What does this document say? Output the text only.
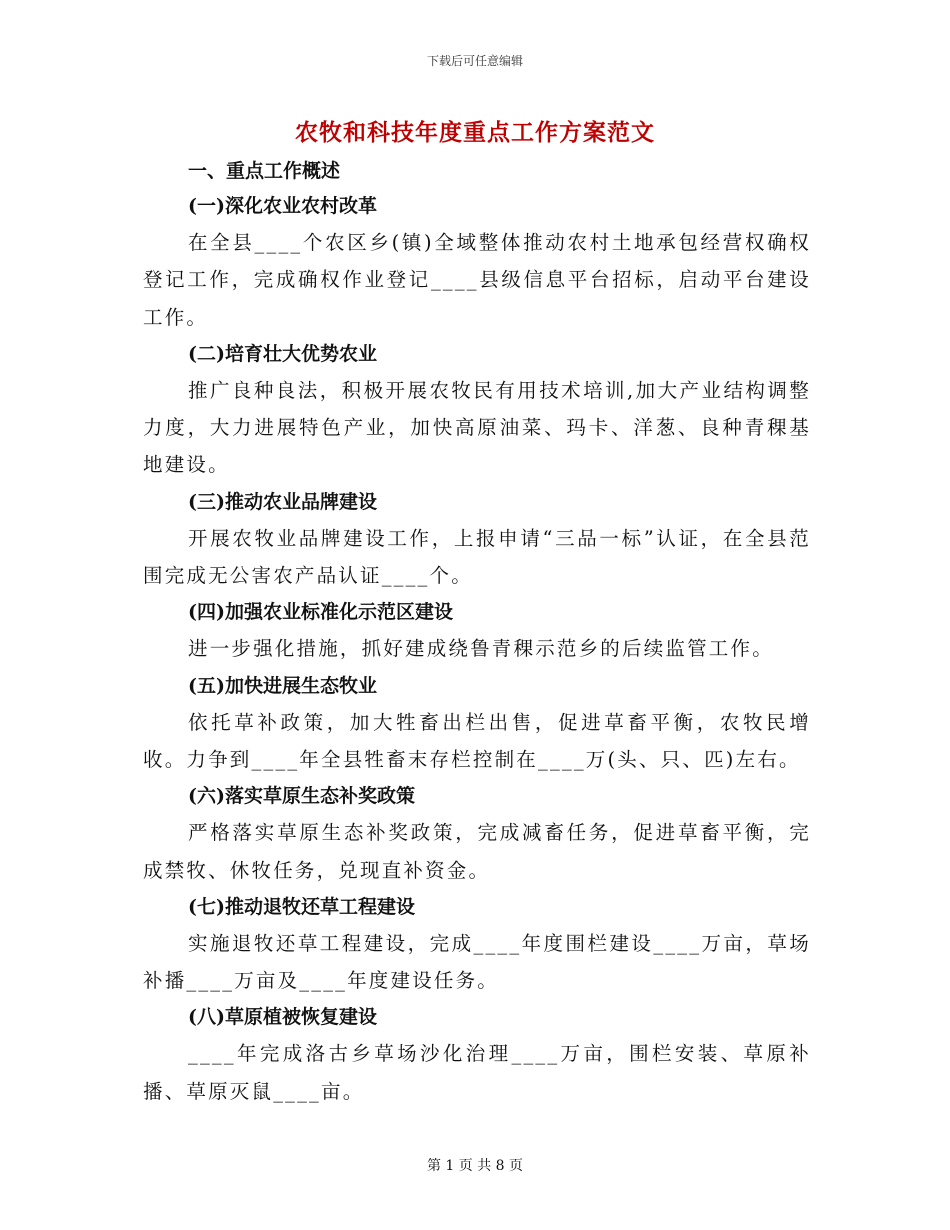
下载后可任意编辑
农牧和科技年度重点工作方案范文
一、重点工作概述
(一)深化农业农村改革

在全县____个农区乡(镇)全域整体推动农村土地承包经营权确权登记工作，完成确权作业登记____县级信息平台招标，启动平台建设工作。

(二)培育壮大优势农业

推广良种良法，积极开展农牧民有用技术培训,加大产业结构调整力度，大力进展特色产业，加快高原油菜、玛卡、洋葱、良种青稞基地建设。

(三)推动农业品牌建设

开展农牧业品牌建设工作，上报申请“三品一标”认证，在全县范围完成无公害农产品认证____个。

(四)加强农业标准化示范区建设

进一步强化措施，抓好建成绕鲁青稞示范乡的后续监管工作。

(五)加快进展生态牧业

依托草补政策，加大牲畜出栏出售，促进草畜平衡，农牧民增收。力争到____年全县牲畜末存栏控制在____万(头、只、匹)左右。

(六)落实草原生态补奖政策

严格落实草原生态补奖政策，完成减畜任务，促进草畜平衡，完成禁牧、休牧任务，兑现直补资金。

(七)推动退牧还草工程建设

实施退牧还草工程建设，完成____年度围栏建设____万亩，草场补播____万亩及____年度建设任务。

(八)草原植被恢复建设

____年完成洛古乡草场沙化治理____万亩，围栏安装、草原补播、草原灭鼠____亩。

第 1 页 共 8 页
